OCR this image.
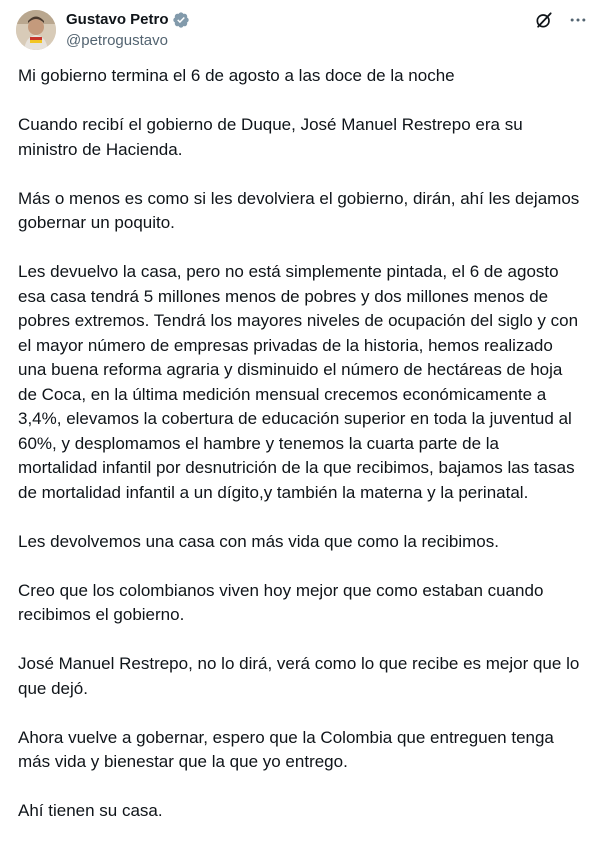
Gustavo Petro
@petrogustavo

Mi gobierno termina el 6 de agosto a las doce de la noche

Cuando recibí el gobierno de Duque, José Manuel Restrepo era su ministro de Hacienda.

Más o menos es como si les devolviera el gobierno, dirán, ahí les dejamos gobernar un poquito.

Les devuelvo la casa, pero no está simplemente pintada, el 6 de agosto esa casa tendrá 5 millones menos de pobres y dos millones menos de pobres extremos. Tendrá los mayores niveles de ocupación del siglo y con el mayor número de empresas privadas de la historia, hemos realizado una buena reforma agraria y disminuido el número de hectáreas de hoja de Coca, en la última medición mensual crecemos económicamente a 3,4%, elevamos la cobertura de educación superior en toda la juventud al 60%, y desplomamos el hambre y tenemos la cuarta parte de la mortalidad infantil por desnutrición de la que recibimos, bajamos las tasas de mortalidad infantil a un dígito,y también la materna y la perinatal.

Les devolvemos una casa con más vida que como la recibimos.

Creo que los colombianos viven hoy mejor que como estaban cuando recibimos el gobierno.

José Manuel Restrepo, no lo dirá, verá como lo que recibe es mejor que lo que dejó.

Ahora vuelve a gobernar, espero que la Colombia que entreguen tenga más vida y bienestar que la que yo entrego.

Ahí tienen su casa.
